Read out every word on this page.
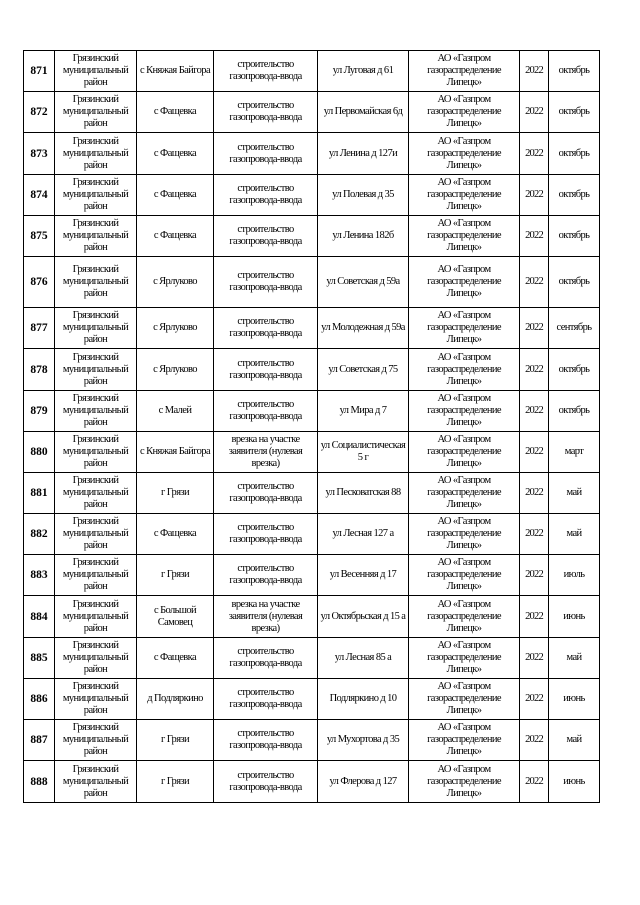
871	Грязинский муниципальный район	с Княжая Байгора	строительство газопровода-ввода	ул Луговая д 61	АО «Газпром газораспределение Липецк»	2022	октябрь
872	Грязинский муниципальный район	с Фащевка	строительство газопровода-ввода	ул Первомайская 6д	АО «Газпром газораспределение Липецк»	2022	октябрь
873	Грязинский муниципальный район	с Фащевка	строительство газопровода-ввода	ул Ленина д 127и	АО «Газпром газораспределение Липецк»	2022	октябрь
874	Грязинский муниципальный район	с Фащевка	строительство газопровода-ввода	ул Полевая д 35	АО «Газпром газораспределение Липецк»	2022	октябрь
875	Грязинский муниципальный район	с Фащевка	строительство газопровода-ввода	ул Ленина 182б	АО «Газпром газораспределение Липецк»	2022	октябрь
876	Грязинский муниципальный район	с Ярлуково	строительство газопровода-ввода	ул Советская д 59а	АО «Газпром газораспределение Липецк»	2022	октябрь
877	Грязинский муниципальный район	с Ярлуково	строительство газопровода-ввода	ул Молодежная д 59а	АО «Газпром газораспределение Липецк»	2022	сентябрь
878	Грязинский муниципальный район	с Ярлуково	строительство газопровода-ввода	ул Советская д 75	АО «Газпром газораспределение Липецк»	2022	октябрь
879	Грязинский муниципальный район	с Малей	строительство газопровода-ввода	ул Мира д 7	АО «Газпром газораспределение Липецк»	2022	октябрь
880	Грязинский муниципальный район	с Княжая Байгора	врезка на участке заявителя (нулевая врезка)	ул Социалистическая 5 г	АО «Газпром газораспределение Липецк»	2022	март
881	Грязинский муниципальный район	г Грязи	строительство газопровода-ввода	ул Песковатская 88	АО «Газпром газораспределение Липецк»	2022	май
882	Грязинский муниципальный район	с Фащевка	строительство газопровода-ввода	ул Лесная 127 а	АО «Газпром газораспределение Липецк»	2022	май
883	Грязинский муниципальный район	г Грязи	строительство газопровода-ввода	ул Весенняя д 17	АО «Газпром газораспределение Липецк»	2022	июль
884	Грязинский муниципальный район	с Большой Самовец	врезка на участке заявителя (нулевая врезка)	ул Октябрьская д 15 а	АО «Газпром газораспределение Липецк»	2022	июнь
885	Грязинский муниципальный район	с Фащевка	строительство газопровода-ввода	ул Лесная 85 а	АО «Газпром газораспределение Липецк»	2022	май
886	Грязинский муниципальный район	д Подляркино	строительство газопровода-ввода	Подляркино д 10	АО «Газпром газораспределение Липецк»	2022	июнь
887	Грязинский муниципальный район	г Грязи	строительство газопровода-ввода	ул Мухортова д 35	АО «Газпром газораспределение Липецк»	2022	май
888	Грязинский муниципальный район	г Грязи	строительство газопровода-ввода	ул Флерова д 127	АО «Газпром газораспределение Липецк»	2022	июнь
